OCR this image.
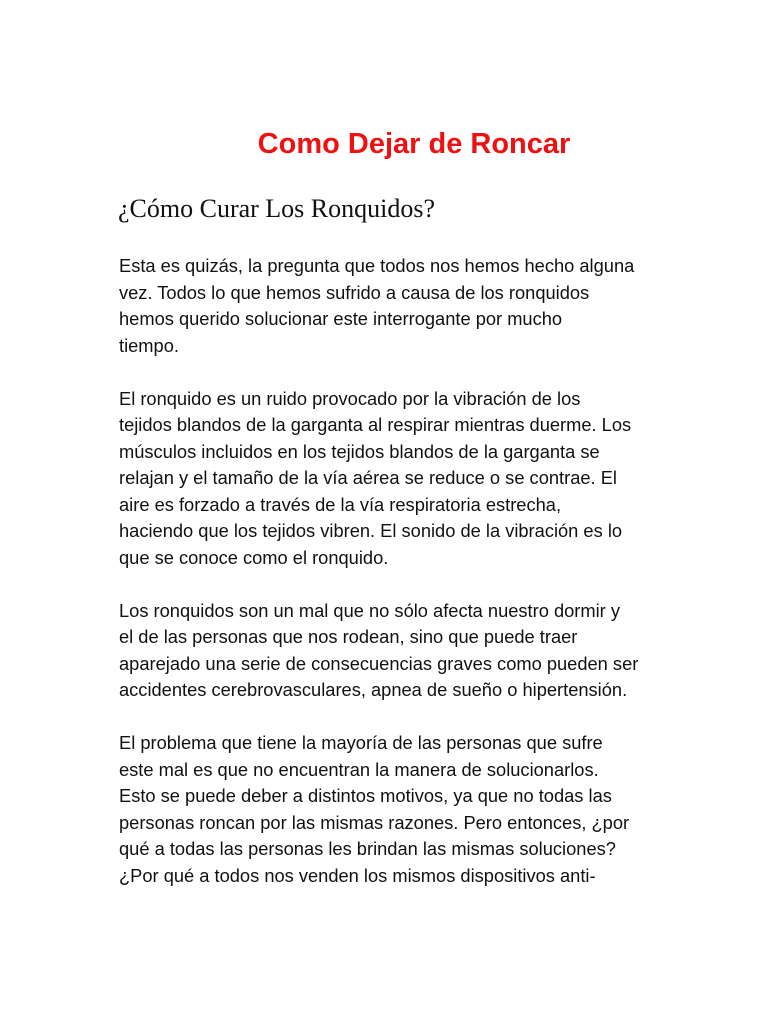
Como Dejar de Roncar
¿Cómo Curar Los Ronquidos?

Esta es quizás, la pregunta que todos nos hemos hecho alguna
vez. Todos lo que hemos sufrido a causa de los ronquidos
hemos querido solucionar este interrogante por mucho
tiempo.

El ronquido es un ruido provocado por la vibración de los
tejidos blandos de la garganta al respirar mientras duerme. Los
músculos incluidos en los tejidos blandos de la garganta se
relajan y el tamaño de la vía aérea se reduce o se contrae. El
aire es forzado a través de la vía respiratoria estrecha,
haciendo que los tejidos vibren. El sonido de la vibración es lo
que se conoce como el ronquido.

Los ronquidos son un mal que no sólo afecta nuestro dormir y
el de las personas que nos rodean, sino que puede traer
aparejado una serie de consecuencias graves como pueden ser
accidentes cerebrovasculares, apnea de sueño o hipertensión.

El problema que tiene la mayoría de las personas que sufre
este mal es que no encuentran la manera de solucionarlos.
Esto se puede deber a distintos motivos, ya que no todas las
personas roncan por las mismas razones. Pero entonces, ¿por
qué a todas las personas les brindan las mismas soluciones?
¿Por qué a todos nos venden los mismos dispositivos anti-
